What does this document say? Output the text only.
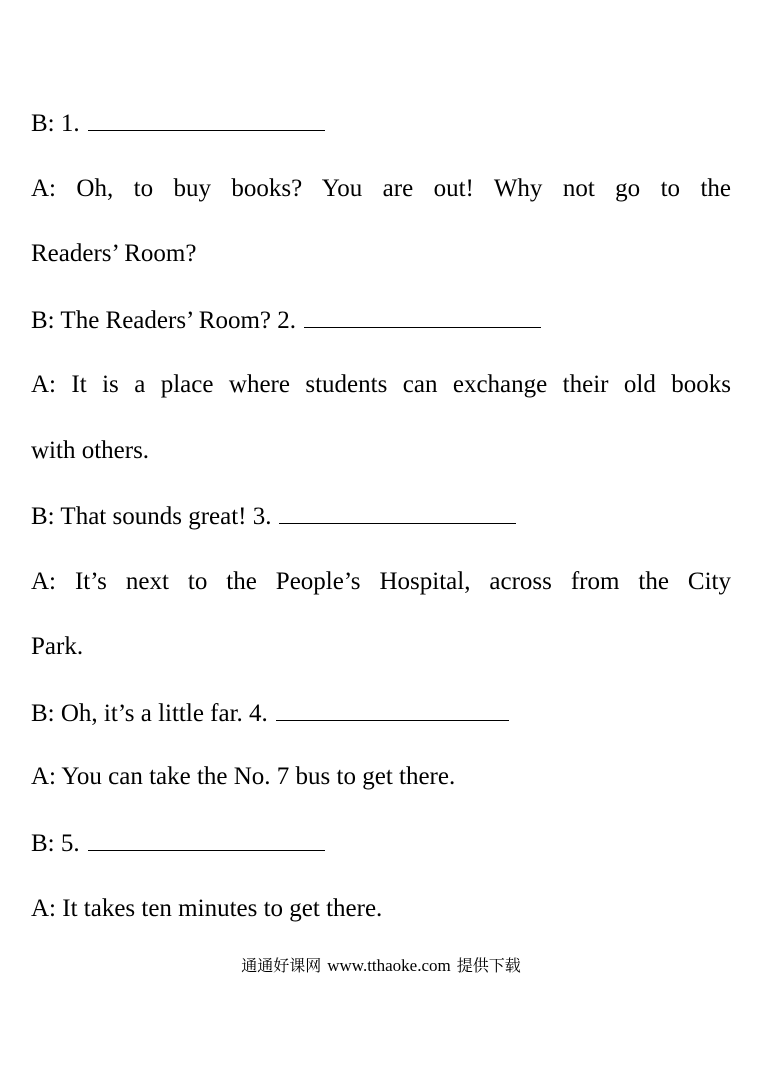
B: 1.

A: Oh, to buy books? You are out! Why not go to the

Readers’ Room?

B: The Readers’ Room? 2.

A: It is a place where students can exchange their old books

with others.

B: That sounds great! 3.

A: It’s next to the People’s Hospital, across from the City

Park.

B: Oh, it’s a little far. 4.

A: You can take the No. 7 bus to get there.

B: 5.

A: It takes ten minutes to get there.

通通好课网 www.tthaoke.com 提供下载
